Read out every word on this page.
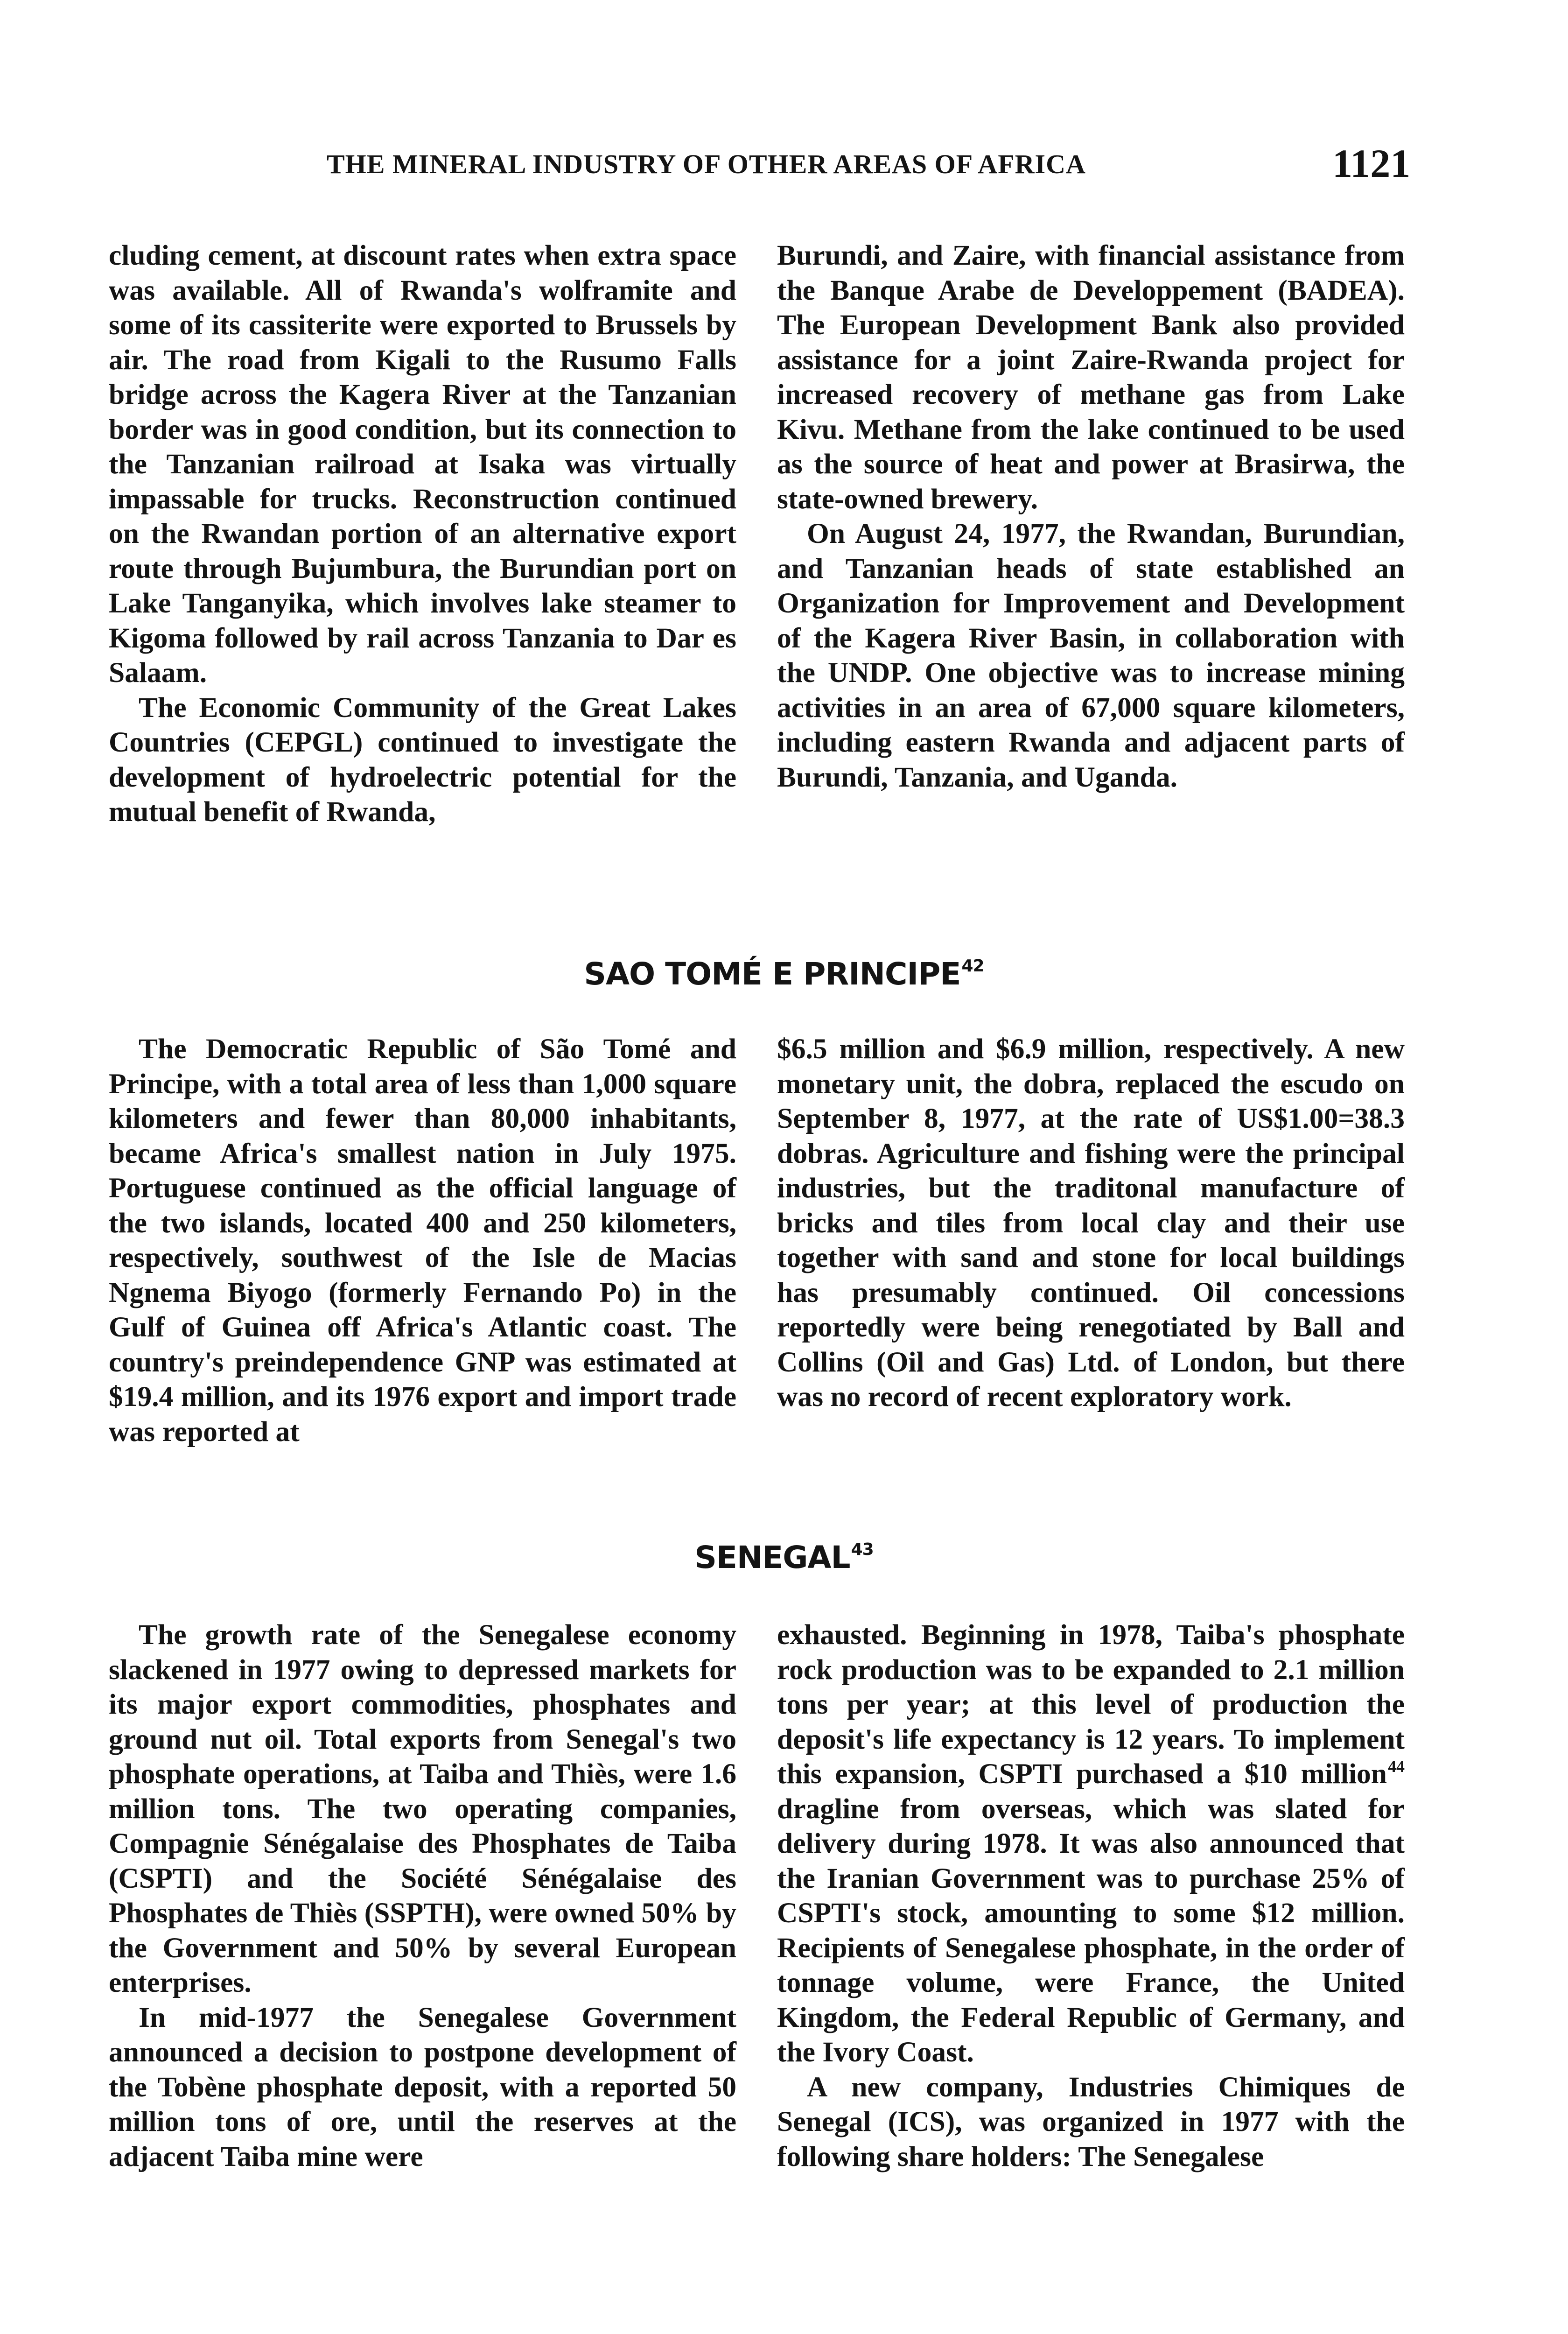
THE MINERAL INDUSTRY OF OTHER AREAS OF AFRICA	1121

cluding cement, at discount rates when extra space was available. All of Rwanda's wolframite and some of its cassiterite were exported to Brussels by air. The road from Kigali to the Rusumo Falls bridge across the Kagera River at the Tanzanian border was in good condition, but its connection to the Tanzanian railroad at Isaka was virtually impassable for trucks. Reconstruction continued on the Rwandan portion of an alternative export route through Bujumbura, the Burundian port on Lake Tanganyika, which involves lake steamer to Kigoma followed by rail across Tanzania to Dar es Salaam.

The Economic Community of the Great Lakes Countries (CEPGL) continued to investigate the development of hydroelectric potential for the mutual benefit of Rwanda,

Burundi, and Zaire, with financial assistance from the Banque Arabe de Developpement (BADEA). The European Development Bank also provided assistance for a joint Zaire-Rwanda project for increased recovery of methane gas from Lake Kivu. Methane from the lake continued to be used as the source of heat and power at Brasirwa, the state-owned brewery.

On August 24, 1977, the Rwandan, Burundian, and Tanzanian heads of state established an Organization for Improvement and Development of the Kagera River Basin, in collaboration with the UNDP. One objective was to increase mining activities in an area of 67,000 square kilometers, including eastern Rwanda and adjacent parts of Burundi, Tanzania, and Uganda.

SAO TOMÉ E PRINCIPE$^{42}$

The Democratic Republic of São Tomé and Principe, with a total area of less than 1,000 square kilometers and fewer than 80,000 inhabitants, became Africa's smallest nation in July 1975. Portuguese continued as the official language of the two islands, located 400 and 250 kilometers, respectively, southwest of the Isle de Macias Ngnema Biyogo (formerly Fernando Po) in the Gulf of Guinea off Africa's Atlantic coast. The country's preindependence GNP was estimated at $19.4 million, and its 1976 export and import trade was reported at

$6.5 million and $6.9 million, respectively. A new monetary unit, the dobra, replaced the escudo on September 8, 1977, at the rate of US$1.00=38.3 dobras. Agriculture and fishing were the principal industries, but the traditonal manufacture of bricks and tiles from local clay and their use together with sand and stone for local buildings has presumably continued. Oil concessions reportedly were being renegotiated by Ball and Collins (Oil and Gas) Ltd. of London, but there was no record of recent exploratory work.

SENEGAL$^{43}$

The growth rate of the Senegalese economy slackened in 1977 owing to depressed markets for its major export commodities, phosphates and ground nut oil. Total exports from Senegal's two phosphate operations, at Taiba and Thiès, were 1.6 million tons. The two operating companies, Compagnie Sénégalaise des Phosphates de Taiba (CSPTI) and the Société Sénégalaise des Phosphates de Thiès (SSPTH), were owned 50% by the Government and 50% by several European enterprises.

In mid-1977 the Senegalese Government announced a decision to postpone development of the Tobène phosphate deposit, with a reported 50 million tons of ore, until the reserves at the adjacent Taiba mine were

exhausted. Beginning in 1978, Taiba's phosphate rock production was to be expanded to 2.1 million tons per year; at this level of production the deposit's life expectancy is 12 years. To implement this expansion, CSPTI purchased a $10 million$^{44}$ dragline from overseas, which was slated for delivery during 1978. It was also announced that the Iranian Government was to purchase 25% of CSPTI's stock, amounting to some $12 million. Recipients of Senegalese phosphate, in the order of tonnage volume, were France, the United Kingdom, the Federal Republic of Germany, and the Ivory Coast.

A new company, Industries Chimiques de Senegal (ICS), was organized in 1977 with the following share holders: The Senegalese
